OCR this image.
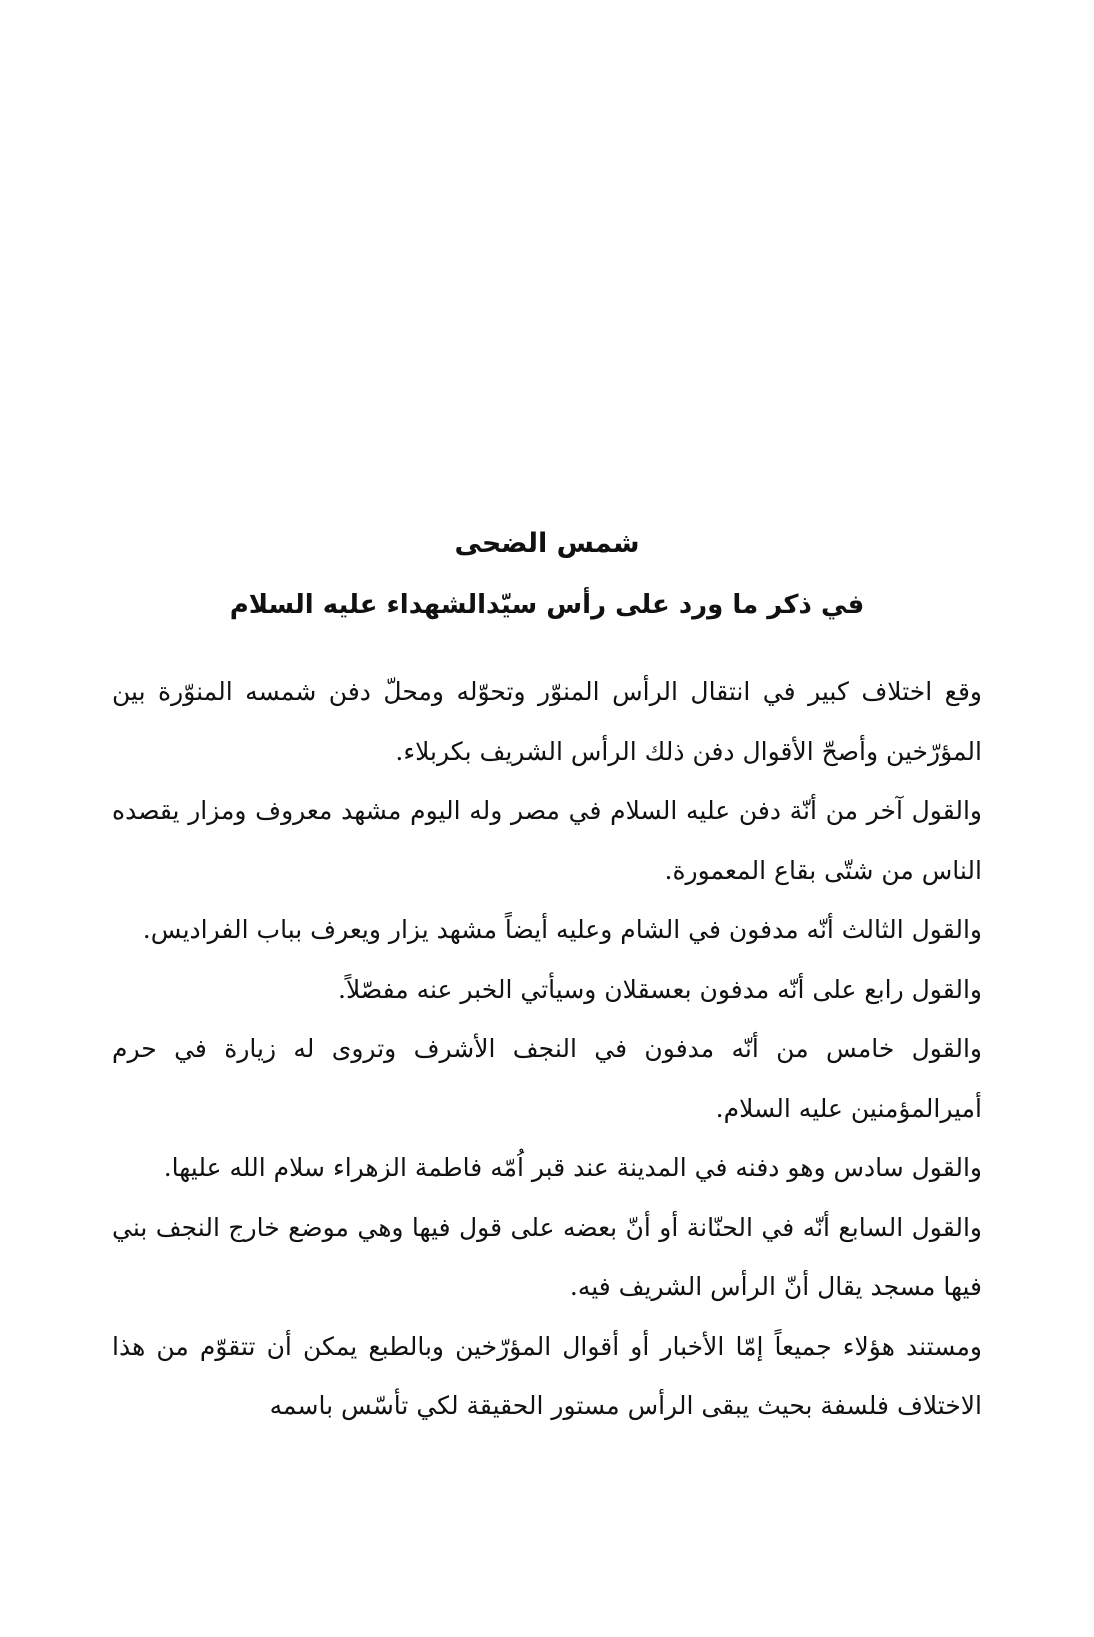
شمس الضحى
في ذكر ما ورد على رأس سيّدالشهداء عليه السلام

وقع اختلاف كبير في انتقال الرأس المنوّر وتحوّله ومحلّ دفن شمسه المنوّرة بين المؤرّخين وأصحّ الأقوال دفن ذلك الرأس الشريف بكربلاء.

والقول آخر من أنّة دفن عليه السلام في مصر وله اليوم مشهد معروف ومزار يقصده الناس من شتّى بقاع المعمورة.

والقول الثالث أنّه مدفون في الشام وعليه أيضاً مشهد يزار ويعرف بباب الفراديس.

والقول رابع على أنّه مدفون بعسقلان وسيأتي الخبر عنه مفصّلاً.

والقول خامس من أنّه مدفون في النجف الأشرف وتروى له زيارة في حرم أميرالمؤمنين عليه السلام.

والقول سادس وهو دفنه في المدينة عند قبر اُمّه فاطمة الزهراء سلام الله عليها.

والقول السابع أنّه في الحنّانة أو أنّ بعضه على قول فيها وهي موضع خارج النجف بني فيها مسجد يقال أنّ الرأس الشريف فيه.

ومستند هؤلاء جميعاً إمّا الأخبار أو أقوال المؤرّخين وبالطبع يمكن أن تتقوّم من هذا الاختلاف فلسفة بحيث يبقى الرأس مستور الحقيقة لكي تأسّس باسمه
